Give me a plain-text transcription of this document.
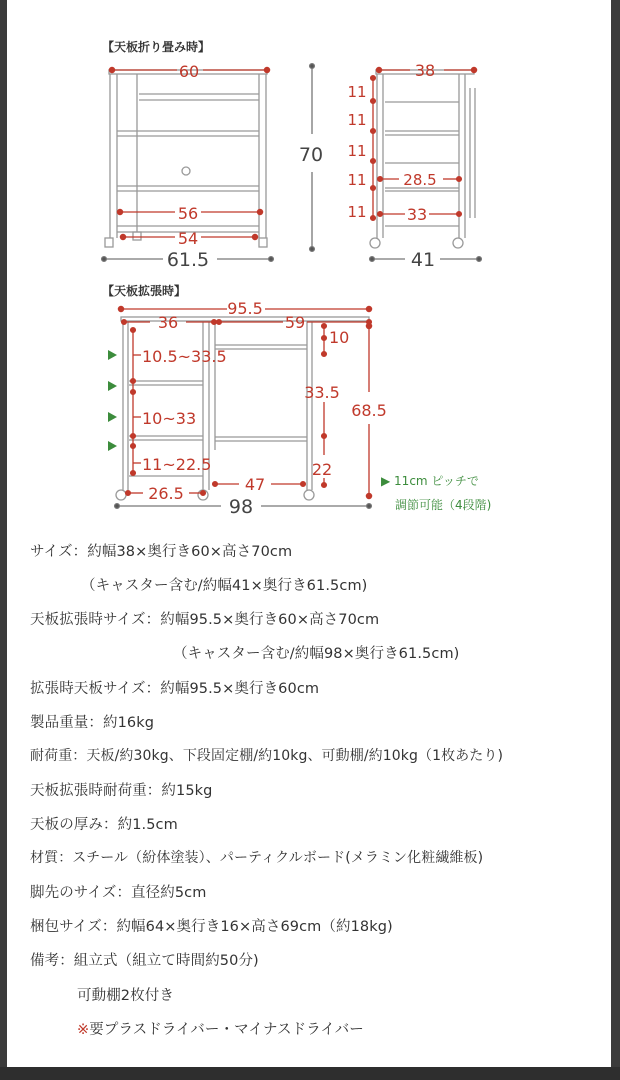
【天板折り畳み時】
60
56
54
61.5
70
38
11
11
11
11
11
28.5
33
41
【天板拡張時】
95.5
36	59
10.5~33.5
10~33
11~22.5
26.5	47
10
33.5
22
68.5
98
▶ 11cm ピッチで
調節可能（4段階)
サイズ：約幅38×奥行き60×高さ70cm
（キャスター含む/約幅41×奥行き61.5cm)
天板拡張時サイズ：約幅95.5×奥行き60×高さ70cm
（キャスター含む/約幅98×奥行き61.5cm)
拡張時天板サイズ：約幅95.5×奥行き60cm
製品重量：約16kg
耐荷重：天板/約30kg、下段固定棚/約10kg、可動棚/約10kg（1枚あたり)
天板拡張時耐荷重：約15kg
天板の厚み：約1.5cm
材質：スチール（紛体塗装）、パーティクルボード(メラミン化粧繊維板)
脚先のサイズ：直径約5cm
梱包サイズ：約幅64×奥行き16×高さ69cm（約18kg)
備考：組立式（組立て時間約50分)
可動棚2枚付き
※要プラスドライバー・マイナスドライバー
